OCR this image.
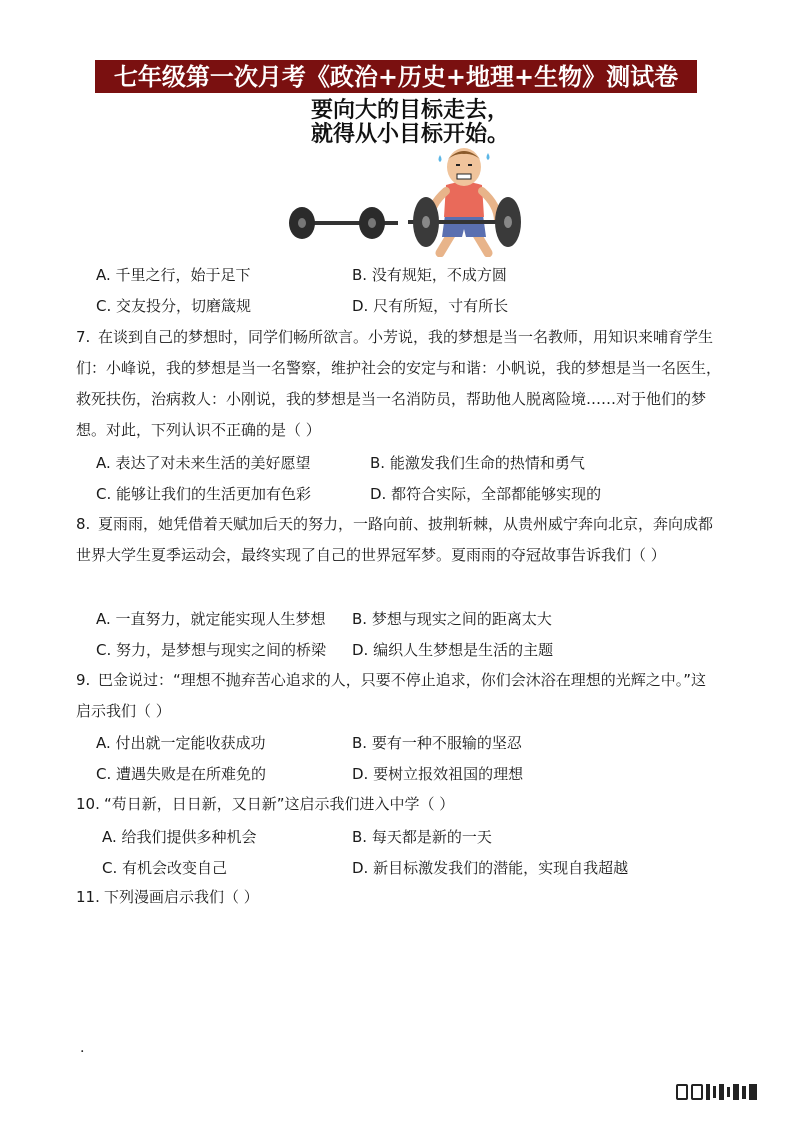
七年级第一次月考《政治+历史+地理+生物》测试卷
要向大的目标走去，
就得从小目标开始。
A. 千里之行，始于足下	B. 没有规矩，不成方圆
C. 交友投分，切磨箴规	D. 尺有所短，寸有所长
7. 在谈到自己的梦想时，同学们畅所欲言。小芳说，我的梦想是当一名教师，用知识来哺育学生们：小峰说，我的梦想是当一名警察，维护社会的安定与和谐：小帆说，我的梦想是当一名医生，救死扶伤，治病救人：小刚说，我的梦想是当一名消防员，帮助他人脱离险境……对于他们的梦想。对此，下列认识不正确的是（ ）
A. 表达了对未来生活的美好愿望	B. 能激发我们生命的热情和勇气
C. 能够让我们的生活更加有色彩	D. 都符合实际，全部都能够实现的
8. 夏雨雨，她凭借着天赋加后天的努力，一路向前、披荆斩棘，从贵州威宁奔向北京，奔向成都世界大学生夏季运动会，最终实现了自己的世界冠军梦。夏雨雨的夺冠故事告诉我们（ ）
A. 一直努力，就定能实现人生梦想 B. 梦想与现实之间的距离太大
C. 努力，是梦想与现实之间的桥梁 D. 编织人生梦想是生活的主题
9. 巴金说过：“理想不抛弃苦心追求的人，只要不停止追求，你们会沐浴在理想的光辉之中。”这启示我们（ ）
A. 付出就一定能收获成功	B. 要有一种不服输的坚忍
C. 遭遇失败是在所难免的	D. 要树立报效祖国的理想
10. “苟日新，日日新，又日新”这启示我们进入中学（ ）
A. 给我们提供多种机会	B. 每天都是新的一天
C. 有机会改变自己	D. 新目标激发我们的潜能，实现自我超越
11. 下列漫画启示我们（ ）
.
